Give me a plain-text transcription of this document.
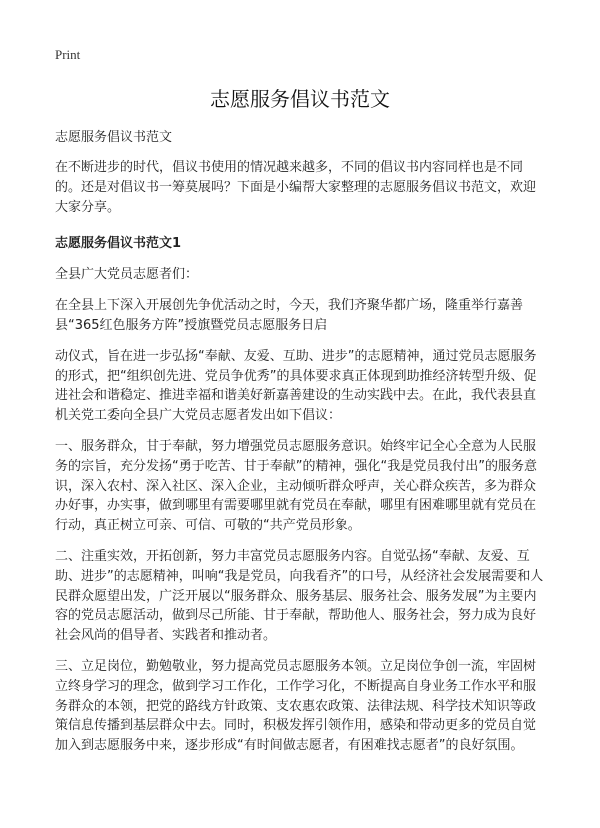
Print
志愿服务倡议书范文

志愿服务倡议书范文

在不断进步的时代，倡议书使用的情况越来越多，不同的倡议书内容同样也是不同的。还是对倡议书一筹莫展吗？下面是小编帮大家整理的志愿服务倡议书范文，欢迎大家分享。

志愿服务倡议书范文1

全县广大党员志愿者们：

在全县上下深入开展创先争优活动之时，今天，我们齐聚华都广场，隆重举行嘉善县“365红色服务方阵”授旗暨党员志愿服务日启

动仪式，旨在进一步弘扬“奉献、友爱、互助、进步”的志愿精神，通过党员志愿服务的形式，把“组织创先进、党员争优秀”的具体要求真正体现到助推经济转型升级、促进社会和谐稳定、推进幸福和谐美好新嘉善建设的生动实践中去。在此，我代表县直机关党工委向全县广大党员志愿者发出如下倡议：

一、服务群众，甘于奉献，努力增强党员志愿服务意识。始终牢记全心全意为人民服务的宗旨，充分发扬“勇于吃苦、甘于奉献”的精神，强化“我是党员我付出”的服务意识，深入农村、深入社区、深入企业，主动倾听群众呼声，关心群众疾苦，多为群众办好事，办实事，做到哪里有需要哪里就有党员在奉献，哪里有困难哪里就有党员在行动，真正树立可亲、可信、可敬的“共产党员形象。

二、注重实效，开拓创新，努力丰富党员志愿服务内容。自觉弘扬“奉献、友爱、互助、进步”的志愿精神，叫响“我是党员，向我看齐”的口号，从经济社会发展需要和人民群众愿望出发，广泛开展以“服务群众、服务基层、服务社会、服务发展”为主要内容的党员志愿活动，做到尽己所能、甘于奉献，帮助他人、服务社会，努力成为良好社会风尚的倡导者、实践者和推动者。

三、立足岗位，勤勉敬业，努力提高党员志愿服务本领。立足岗位争创一流，牢固树立终身学习的理念，做到学习工作化，工作学习化，不断提高自身业务工作水平和服务群众的本领，把党的路线方针政策、支农惠农政策、法律法规、科学技术知识等政策信息传播到基层群众中去。同时，积极发挥引领作用，感染和带动更多的党员自觉加入到志愿服务中来，逐步形成“有时间做志愿者，有困难找志愿者”的良好氛围。
